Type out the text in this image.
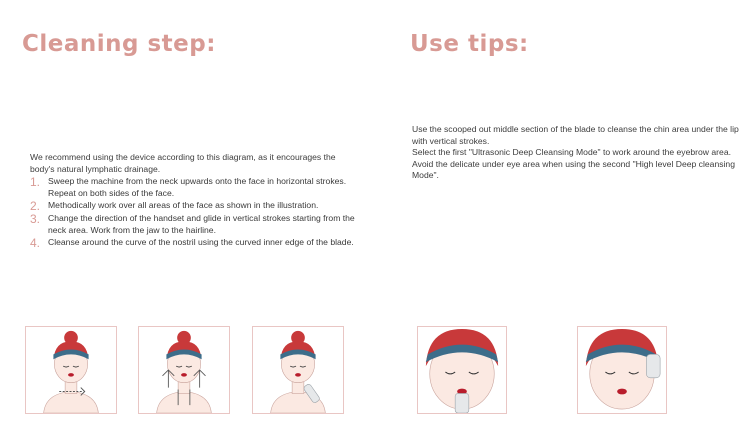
Cleaning step:	Use tips:
We recommend using the device according to this diagram, as it encourages the body's natural lymphatic drainage.
1. Sweep the machine from the neck upwards onto the face in horizontal strokes. Repeat on both sides of the face.
2. Methodically work over all areas of the face as shown in the illustration.
3. Change the direction of the handset and glide in vertical strokes starting from the neck area. Work from the jaw to the hairline.
4. Cleanse around the curve of the nostril using the curved inner edge of the blade.

Use the scooped out middle section of the blade to cleanse the chin area under the lip with vertical strokes.

Select the first "Ultrasonic Deep Cleansing Mode" to work around the eyebrow area. Avoid the delicate under eye area when using the second "High level Deep cleansing Mode".
